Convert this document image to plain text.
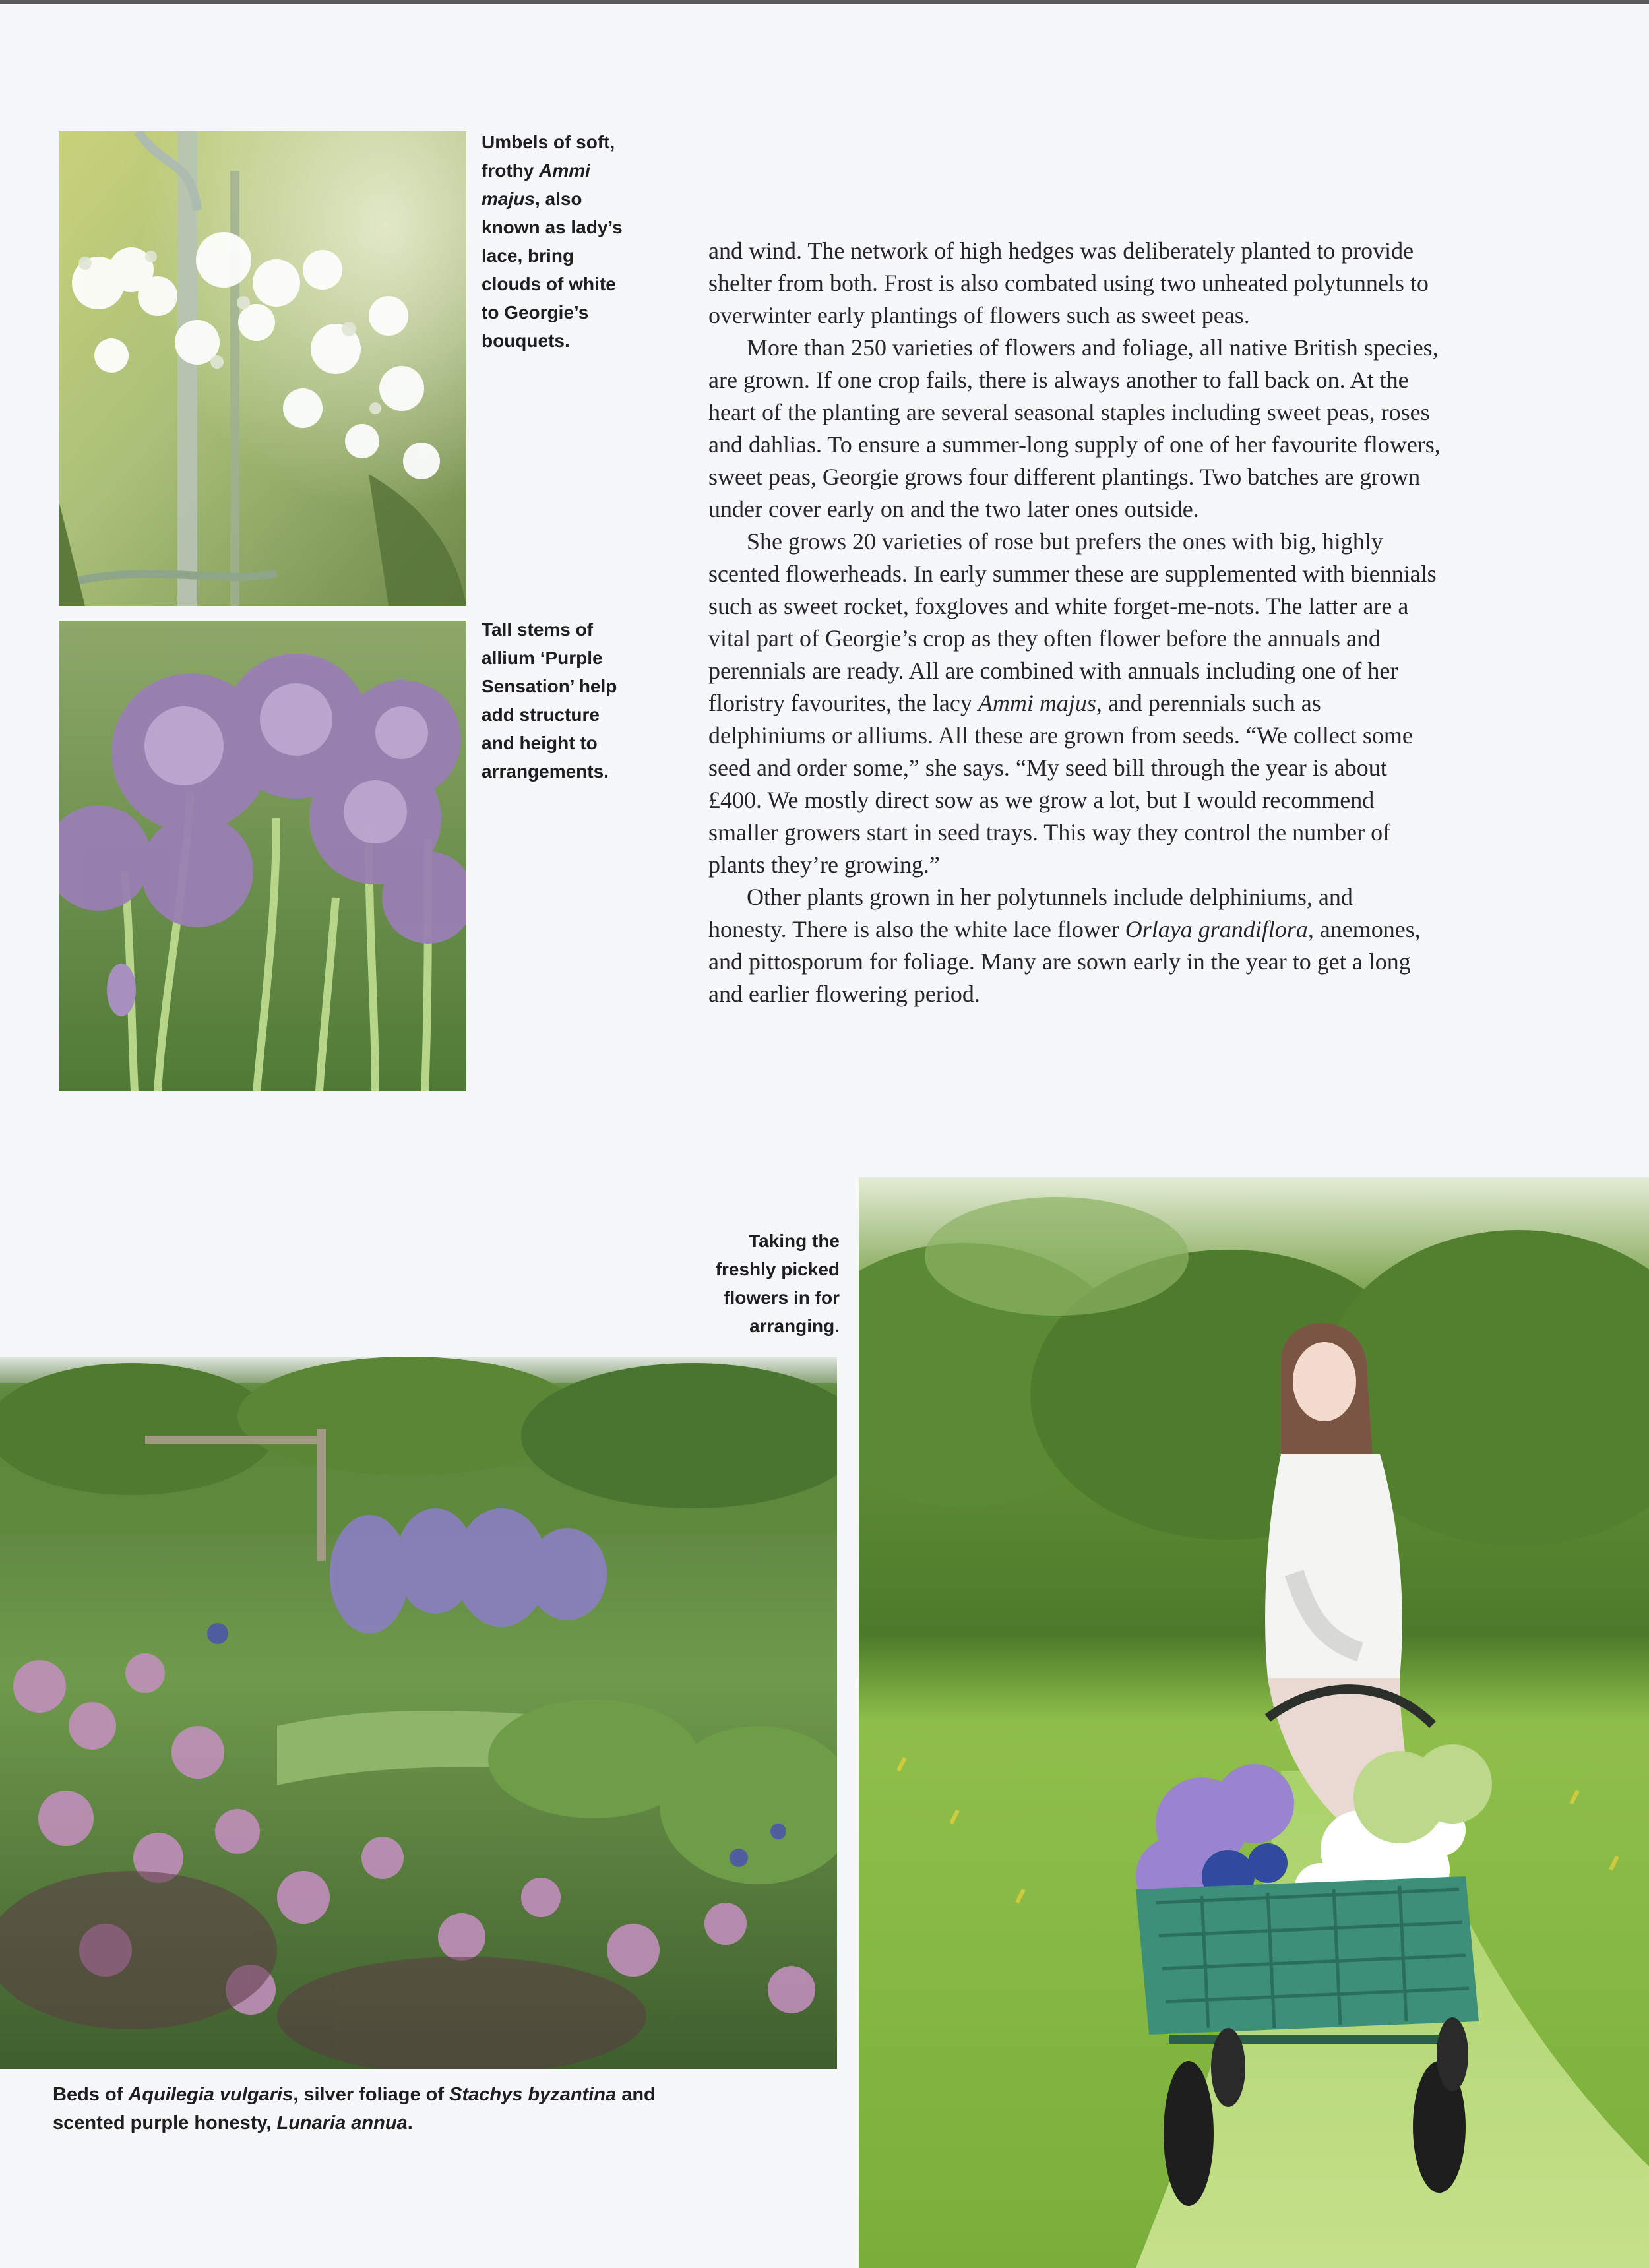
Umbels of soft,
frothy Ammi
majus, also
known as lady’s
lace, bring
clouds of white
to Georgie’s
bouquets.
Tall stems of
allium ‘Purple
Sensation’ help
add structure
and height to
arrangements.
and wind. The network of high hedges was deliberately planted to provide
shelter from both. Frost is also combated using two unheated polytunnels to
overwinter early plantings of flowers such as sweet peas.
More than 250 varieties of flowers and foliage, all native British species,
are grown. If one crop fails, there is always another to fall back on. At the
heart of the planting are several seasonal staples including sweet peas, roses
and dahlias. To ensure a summer-long supply of one of her favourite flowers,
sweet peas, Georgie grows four different plantings. Two batches are grown
under cover early on and the two later ones outside.
She grows 20 varieties of rose but prefers the ones with big, highly
scented flowerheads. In early summer these are supplemented with biennials
such as sweet rocket, foxgloves and white forget-me-nots. The latter are a
vital part of Georgie’s crop as they often flower before the annuals and
perennials are ready. All are combined with annuals including one of her
floristry favourites, the lacy Ammi majus, and perennials such as
delphiniums or alliums. All these are grown from seeds. “We collect some
seed and order some,” she says. “My seed bill through the year is about
£400. We mostly direct sow as we grow a lot, but I would recommend
smaller growers start in seed trays. This way they control the number of
plants they’re growing.”
Other plants grown in her polytunnels include delphiniums, and
honesty. There is also the white lace flower Orlaya grandiflora, anemones,
and pittosporum for foliage. Many are sown early in the year to get a long
and earlier flowering period.
Taking the
freshly picked
flowers in for
arranging.
Beds of Aquilegia vulgaris, silver foliage of Stachys byzantina and
scented purple honesty, Lunaria annua.
